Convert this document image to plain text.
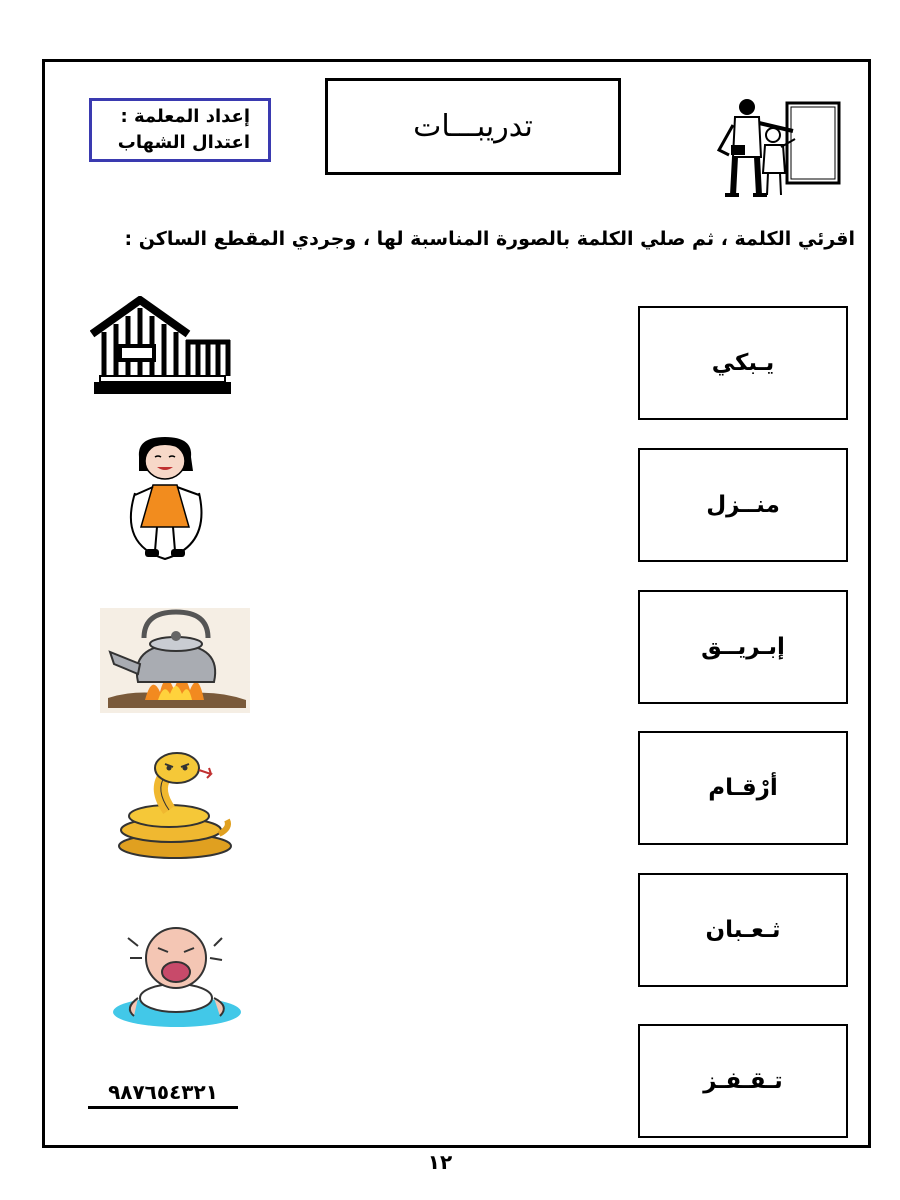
إعداد المعلمة :
اعتدال الشهاب	تدريبـــات
اقرئي الكلمة ، ثم صلي الكلمة بالصورة المناسبة لها ، وجردي المقطع الساكن :
يـبكي
منــزل
إبـريــق
أرْقـام
ثـعـبان
تـقـفـز
٩٨٧٦٥٤٣٢١
١٢
